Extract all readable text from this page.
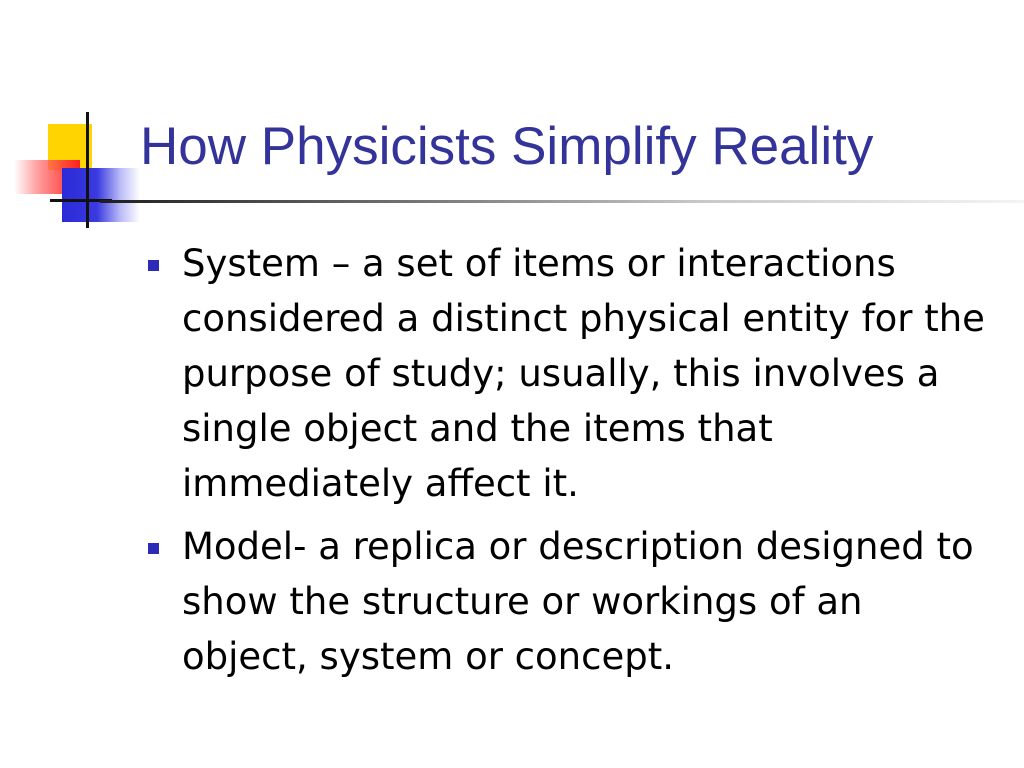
How Physicists Simplify Reality
System – a set of items or interactions considered a distinct physical entity for the purpose of study; usually, this involves a single object and the items that immediately affect it.
Model- a replica or description designed to show the structure or workings of an object, system or concept.
